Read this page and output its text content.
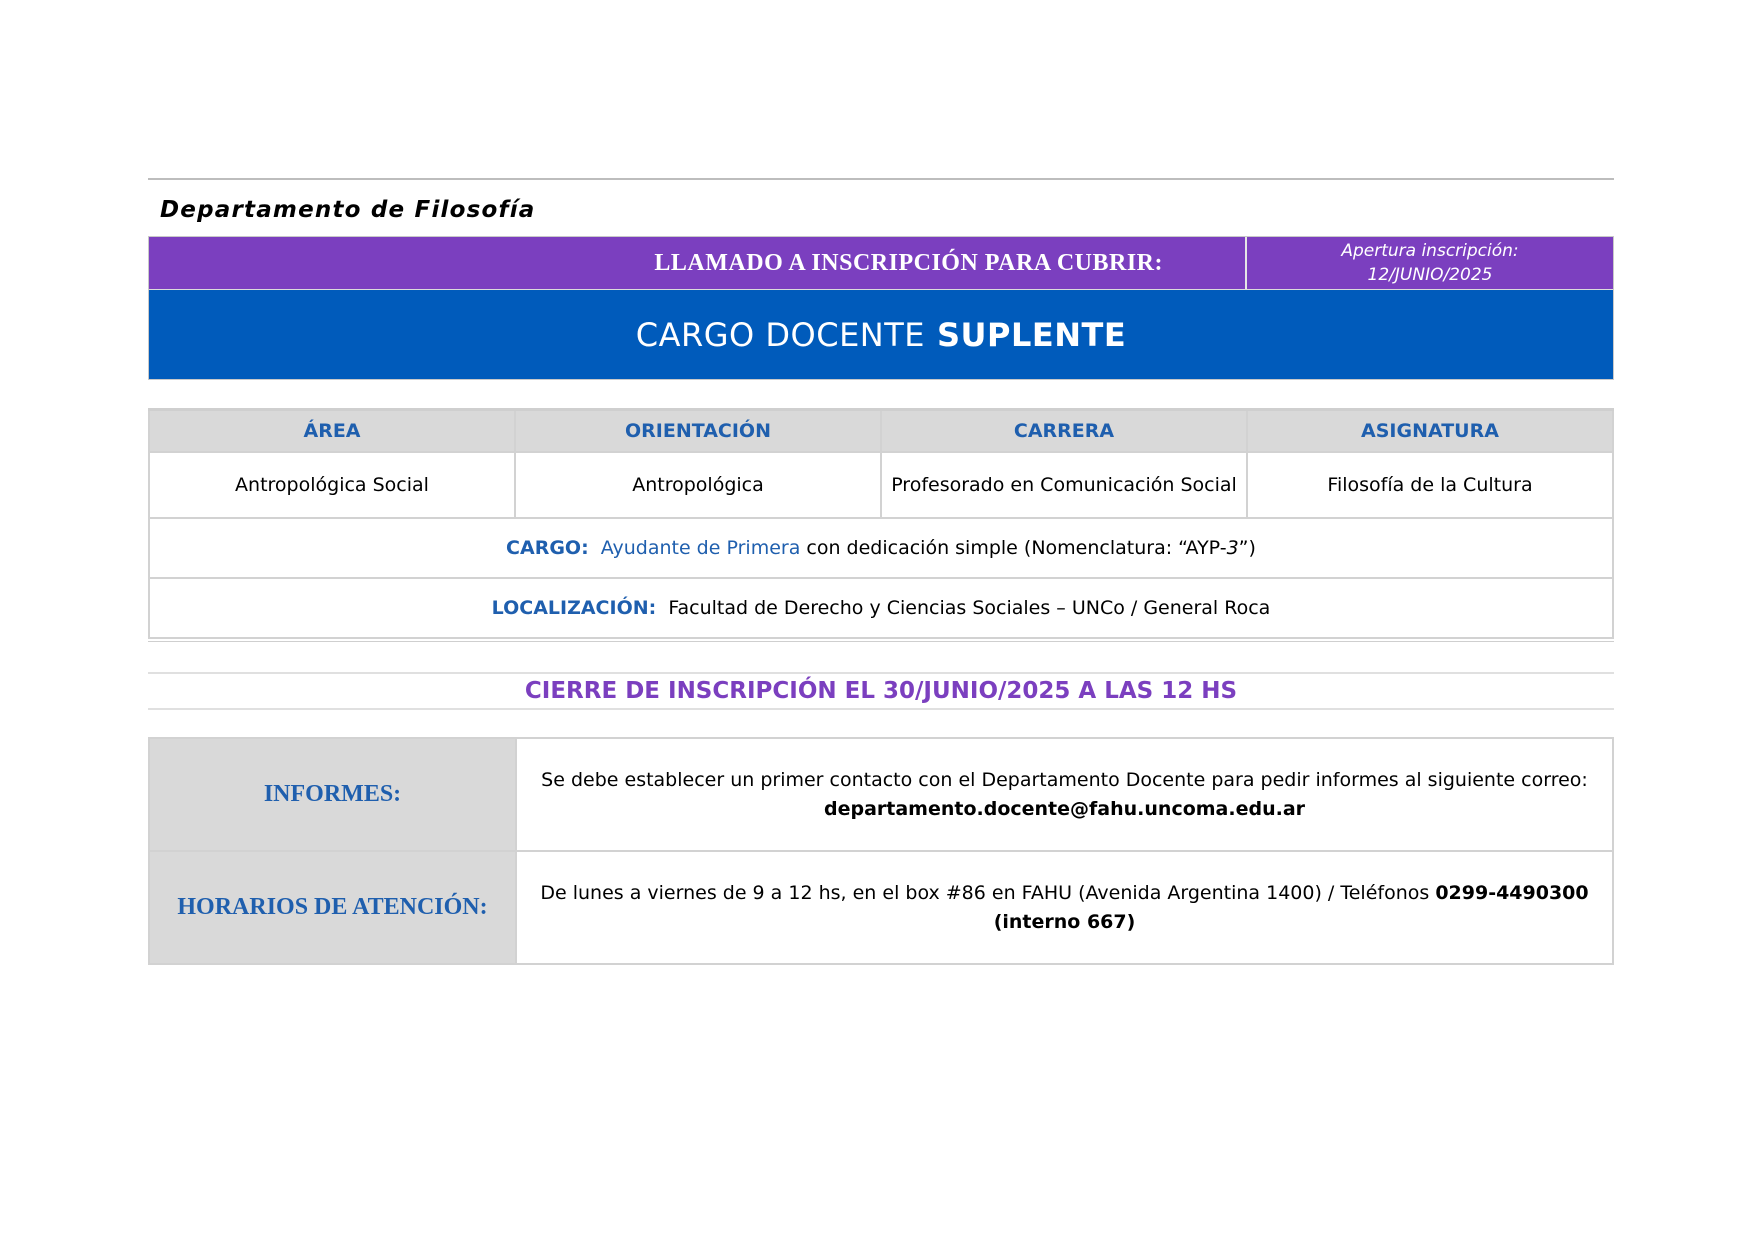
Departamento de Filosofía
LLAMADO A INSCRIPCIÓN PARA CUBRIR:	Apertura inscripción:
12/JUNIO/2025
CARGO DOCENTE SUPLENTE
ÁREA	ORIENTACIÓN	CARRERA	ASIGNATURA
Antropológica Social	Antropológica	Profesorado en Comunicación Social	Filosofía de la Cultura
CARGO: Ayudante de Primera con dedicación simple (Nomenclatura: “AYP-3”)			
LOCALIZACIÓN: Facultad de Derecho y Ciencias Sociales – UNCo / General Roca			
CIERRE DE INSCRIPCIÓN EL 30/JUNIO/2025 A LAS 12 HS
INFORMES:	Se debe establecer un primer contacto con el Departamento Docente para pedir informes al siguiente correo:
departamento.docente@fahu.uncoma.edu.ar

HORARIOS DE ATENCIÓN:	De lunes a viernes de 9 a 12 hs, en el box #86 en FAHU (Avenida Argentina 1400) / Teléfonos 0299-4490300
(interno 667)
